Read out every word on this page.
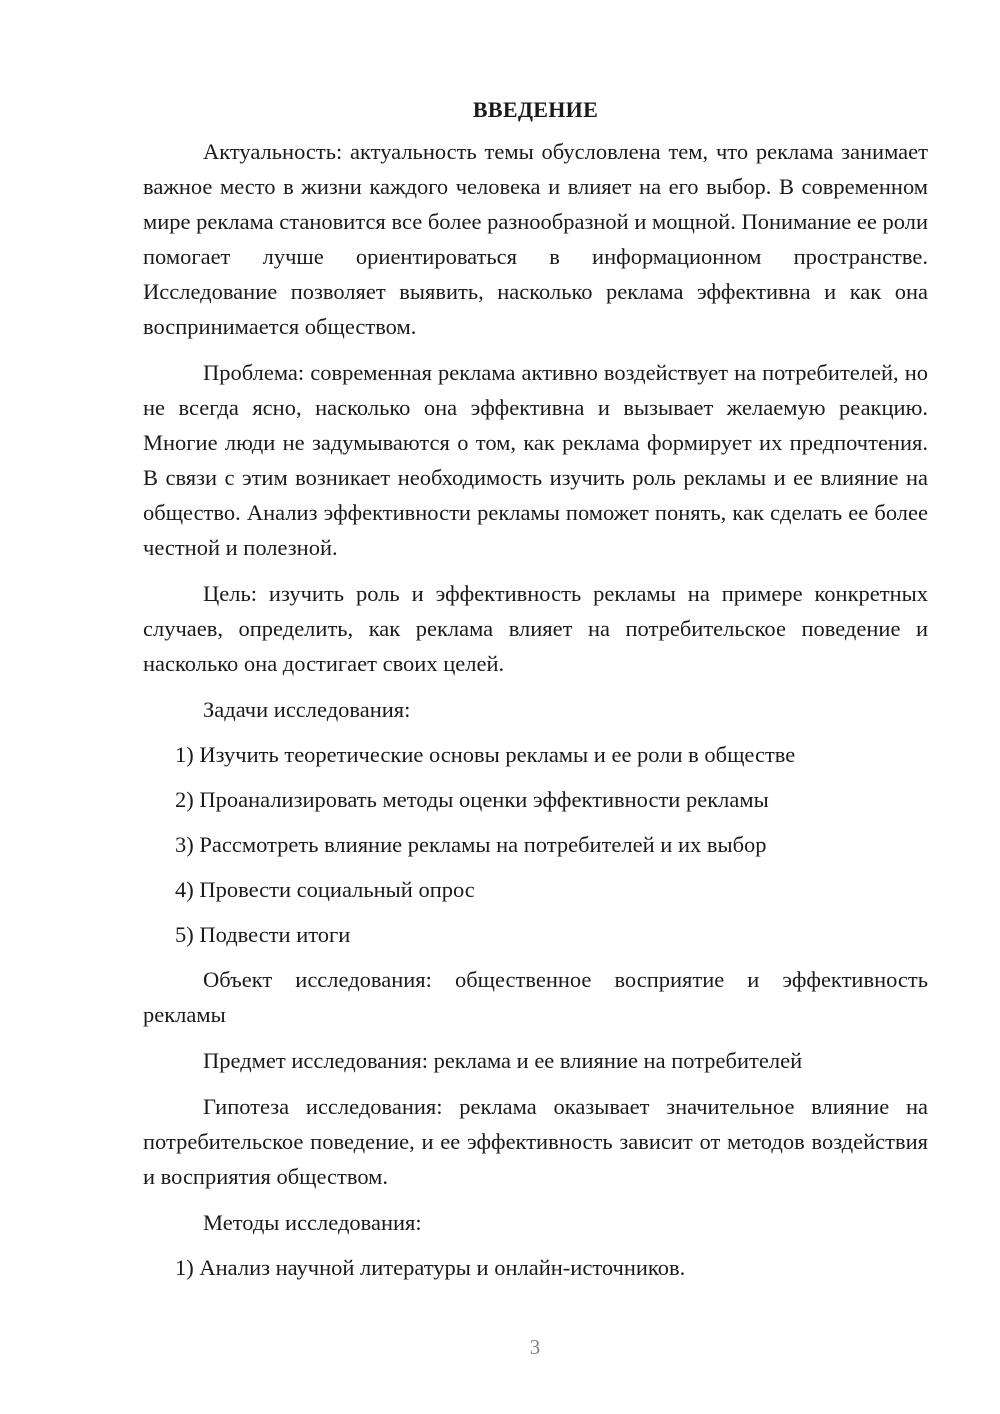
ВВЕДЕНИЕ

Актуальность: актуальность темы обусловлена тем, что реклама занимает важное место в жизни каждого человека и влияет на его выбор. В современном мире реклама становится все более разнообразной и мощной. Понимание ее роли помогает лучше ориентироваться в информационном пространстве. Исследование позволяет выявить, насколько реклама эффективна и как она воспринимается обществом.

Проблема: современная реклама активно воздействует на потребителей, но не всегда ясно, насколько она эффективна и вызывает желаемую реакцию. Многие люди не задумываются о том, как реклама формирует их предпочтения. В связи с этим возникает необходимость изучить роль рекламы и ее влияние на общество. Анализ эффективности рекламы поможет понять, как сделать ее более честной и полезной.

Цель: изучить роль и эффективность рекламы на примере конкретных случаев, определить, как реклама влияет на потребительское поведение и насколько она достигает своих целей.

Задачи исследования:

1) Изучить теоретические основы рекламы и ее роли в обществе
2) Проанализировать методы оценки эффективности рекламы
3) Рассмотреть влияние рекламы на потребителей и их выбор
4) Провести социальный опрос
5) Подвести итоги

Объект исследования: общественное восприятие и эффективность рекламы

Предмет исследования: реклама и ее влияние на потребителей

Гипотеза исследования: реклама оказывает значительное влияние на потребительское поведение, и ее эффективность зависит от методов воздействия и восприятия обществом.

Методы исследования:

1) Анализ научной литературы и онлайн-источников.
3
